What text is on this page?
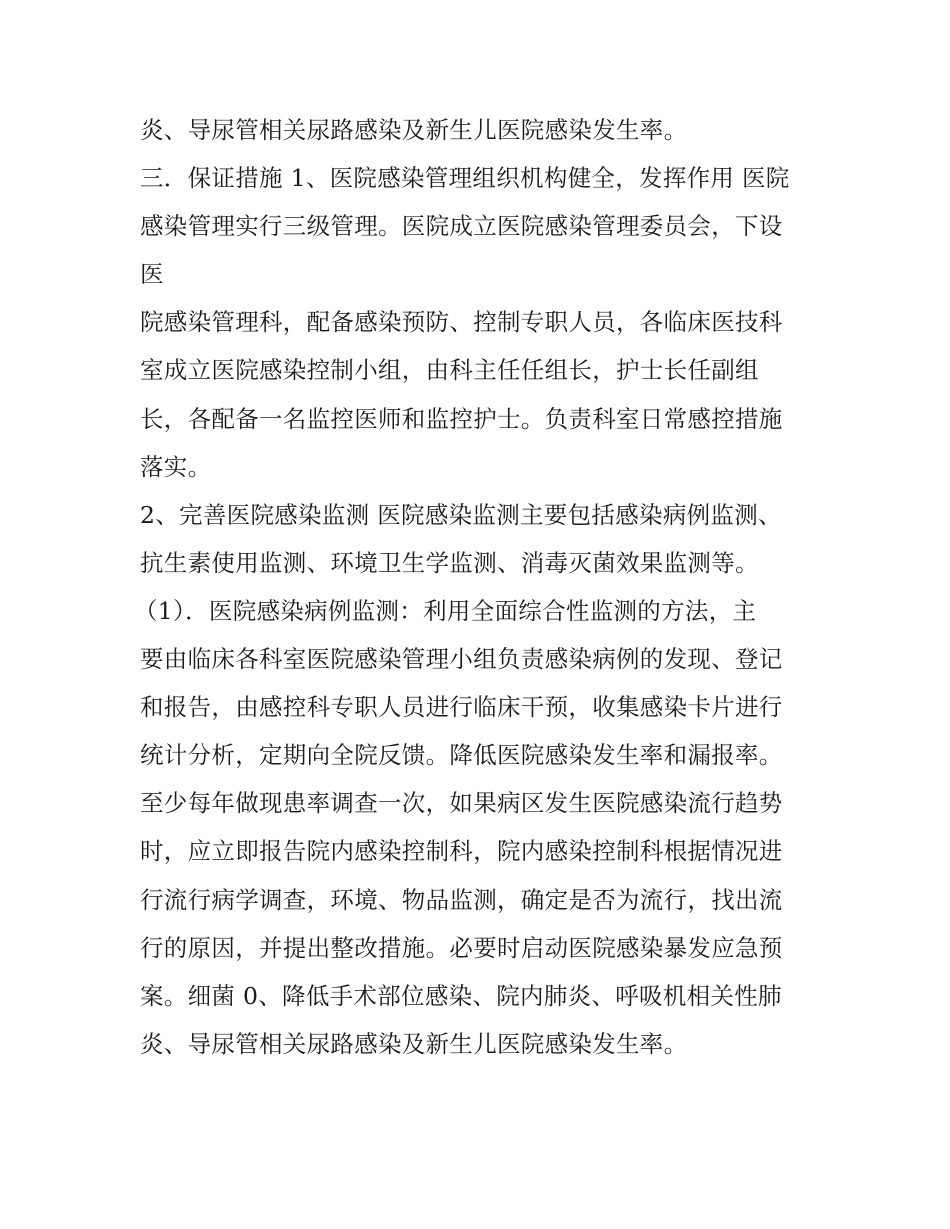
炎、导尿管相关尿路感染及新生儿医院感染发生率。
三．保证措施 1、医院感染管理组织机构健全，发挥作用 医院
感染管理实行三级管理。医院成立医院感染管理委员会，下设
医
院感染管理科，配备感染预防、控制专职人员，各临床医技科
室成立医院感染控制小组，由科主任任组长，护士长任副组
长，各配备一名监控医师和监控护士。负责科室日常感控措施
落实。
2、完善医院感染监测 医院感染监测主要包括感染病例监测、
抗生素使用监测、环境卫生学监测、消毒灭菌效果监测等。
（1）．医院感染病例监测：利用全面综合性监测的方法，主
要由临床各科室医院感染管理小组负责感染病例的发现、登记
和报告，由感控科专职人员进行临床干预，收集感染卡片进行
统计分析，定期向全院反馈。降低医院感染发生率和漏报率。
至少每年做现患率调查一次，如果病区发生医院感染流行趋势
时，应立即报告院内感染控制科，院内感染控制科根据情况进
行流行病学调查，环境、物品监测，确定是否为流行，找出流
行的原因，并提出整改措施。必要时启动医院感染暴发应急预
案。细菌 0、降低手术部位感染、院内肺炎、呼吸机相关性肺
炎、导尿管相关尿路感染及新生儿医院感染发生率。
